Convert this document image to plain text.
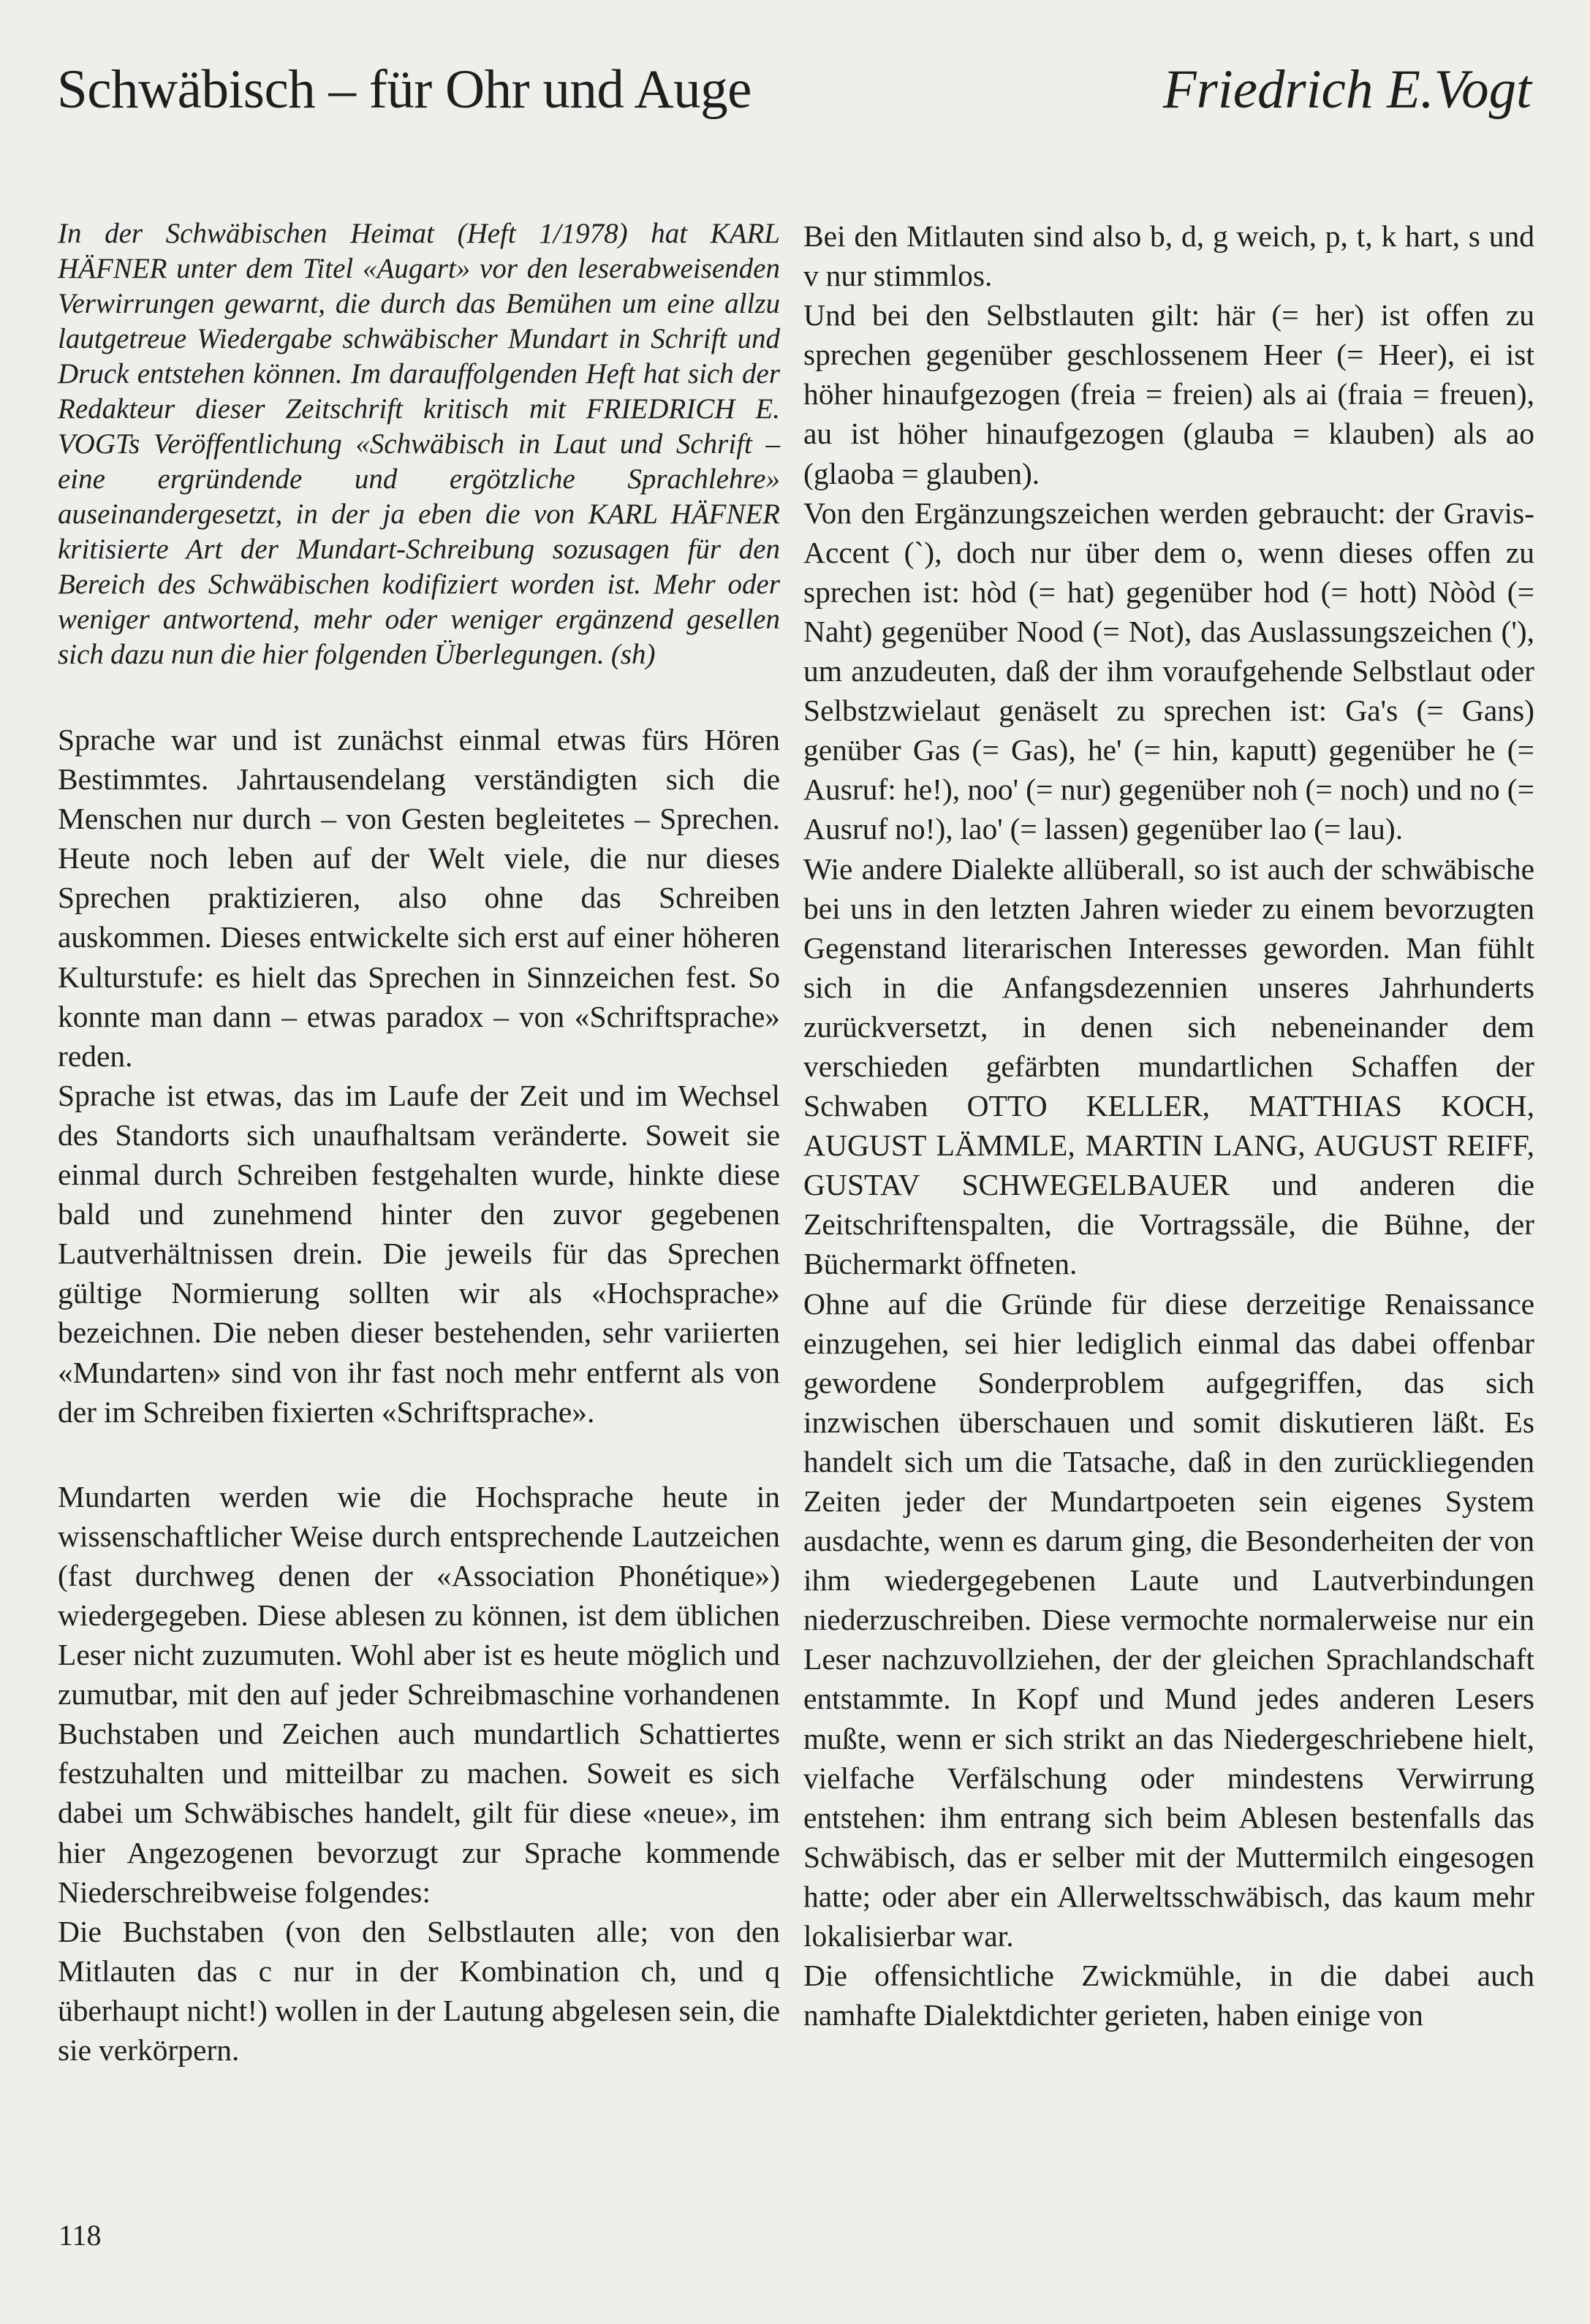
Schwäbisch – für Ohr und Auge	Friedrich E.Vogt

In der Schwäbischen Heimat (Heft 1/1978) hat KARL HÄFNER unter dem Titel «Augart» vor den leserabweisenden Verwirrungen gewarnt, die durch das Bemühen um eine allzu lautgetreue Wiedergabe schwäbischer Mundart in Schrift und Druck entstehen können. Im darauffolgenden Heft hat sich der Redakteur dieser Zeitschrift kritisch mit FRIEDRICH E. VOGTs Veröffentlichung «Schwäbisch in Laut und Schrift – eine ergründende und ergötzliche Sprachlehre» auseinandergesetzt, in der ja eben die von KARL HÄFNER kritisierte Art der Mundart-Schreibung sozusagen für den Bereich des Schwäbischen kodifiziert worden ist. Mehr oder weniger antwortend, mehr oder weniger ergänzend gesellen sich dazu nun die hier folgenden Überlegungen. (sh)

Sprache war und ist zunächst einmal etwas fürs Hören Bestimmtes. Jahrtausendelang verständigten sich die Menschen nur durch – von Gesten begleitetes – Sprechen. Heute noch leben auf der Welt viele, die nur dieses Sprechen praktizieren, also ohne das Schreiben auskommen. Dieses entwickelte sich erst auf einer höheren Kulturstufe: es hielt das Sprechen in Sinnzeichen fest. So konnte man dann – etwas paradox – von «Schriftsprache» reden.

Sprache ist etwas, das im Laufe der Zeit und im Wechsel des Standorts sich unaufhaltsam veränderte. Soweit sie einmal durch Schreiben festgehalten wurde, hinkte diese bald und zunehmend hinter den zuvor gegebenen Lautverhältnissen drein. Die jeweils für das Sprechen gültige Normierung sollten wir als «Hochsprache» bezeichnen. Die neben dieser bestehenden, sehr variierten «Mundarten» sind von ihr fast noch mehr entfernt als von der im Schreiben fixierten «Schriftsprache».

Mundarten werden wie die Hochsprache heute in wissenschaftlicher Weise durch entsprechende Lautzeichen (fast durchweg denen der «Association Phonétique») wiedergegeben. Diese ablesen zu können, ist dem üblichen Leser nicht zuzumuten. Wohl aber ist es heute möglich und zumutbar, mit den auf jeder Schreibmaschine vorhandenen Buchstaben und Zeichen auch mundartlich Schattiertes festzuhalten und mitteilbar zu machen. Soweit es sich dabei um Schwäbisches handelt, gilt für diese «neue», im hier Angezogenen bevorzugt zur Sprache kommende Niederschreibweise folgendes:

Die Buchstaben (von den Selbstlauten alle; von den Mitlauten das c nur in der Kombination ch, und q überhaupt nicht!) wollen in der Lautung abgelesen sein, die sie verkörpern.

Bei den Mitlauten sind also b, d, g weich, p, t, k hart, s und v nur stimmlos.

Und bei den Selbstlauten gilt: här (= her) ist offen zu sprechen gegenüber geschlossenem Heer (= Heer), ei ist höher hinaufgezogen (freia = freien) als ai (fraia = freuen), au ist höher hinaufgezogen (glauba = klauben) als ao (glaoba = glauben).

Von den Ergänzungszeichen werden gebraucht: der Gravis-Accent (`), doch nur über dem o, wenn dieses offen zu sprechen ist: hòd (= hat) gegenüber hod (= hott) Nòòd (= Naht) gegenüber Nood (= Not), das Auslassungszeichen ('), um anzudeuten, daß der ihm voraufgehende Selbstlaut oder Selbstzwielaut genäselt zu sprechen ist: Ga's (= Gans) genüber Gas (= Gas), he' (= hin, kaputt) gegenüber he (= Ausruf: he!), noo' (= nur) gegenüber noh (= noch) und no (= Ausruf no!), lao' (= lassen) gegenüber lao (= lau).

Wie andere Dialekte allüberall, so ist auch der schwäbische bei uns in den letzten Jahren wieder zu einem bevorzugten Gegenstand literarischen Interesses geworden. Man fühlt sich in die Anfangsdezennien unseres Jahrhunderts zurückversetzt, in denen sich nebeneinander dem verschieden gefärbten mundartlichen Schaffen der Schwaben OTTO KELLER, MATTHIAS KOCH, AUGUST LÄMMLE, MARTIN LANG, AUGUST REIFF, GUSTAV SCHWEGELBAUER und anderen die Zeitschriftenspalten, die Vortragssäle, die Bühne, der Büchermarkt öffneten.

Ohne auf die Gründe für diese derzeitige Renaissance einzugehen, sei hier lediglich einmal das dabei offenbar gewordene Sonderproblem aufgegriffen, das sich inzwischen überschauen und somit diskutieren läßt. Es handelt sich um die Tatsache, daß in den zurückliegenden Zeiten jeder der Mundartpoeten sein eigenes System ausdachte, wenn es darum ging, die Besonderheiten der von ihm wiedergegebenen Laute und Lautverbindungen niederzuschreiben. Diese vermochte normalerweise nur ein Leser nachzuvollziehen, der der gleichen Sprachlandschaft entstammte. In Kopf und Mund jedes anderen Lesers mußte, wenn er sich strikt an das Niedergeschriebene hielt, vielfache Verfälschung oder mindestens Verwirrung entstehen: ihm entrang sich beim Ablesen bestenfalls das Schwäbisch, das er selber mit der Muttermilch eingesogen hatte; oder aber ein Allerweltsschwäbisch, das kaum mehr lokalisierbar war.

Die offensichtliche Zwickmühle, in die dabei auch namhafte Dialektdichter gerieten, haben einige von

118
